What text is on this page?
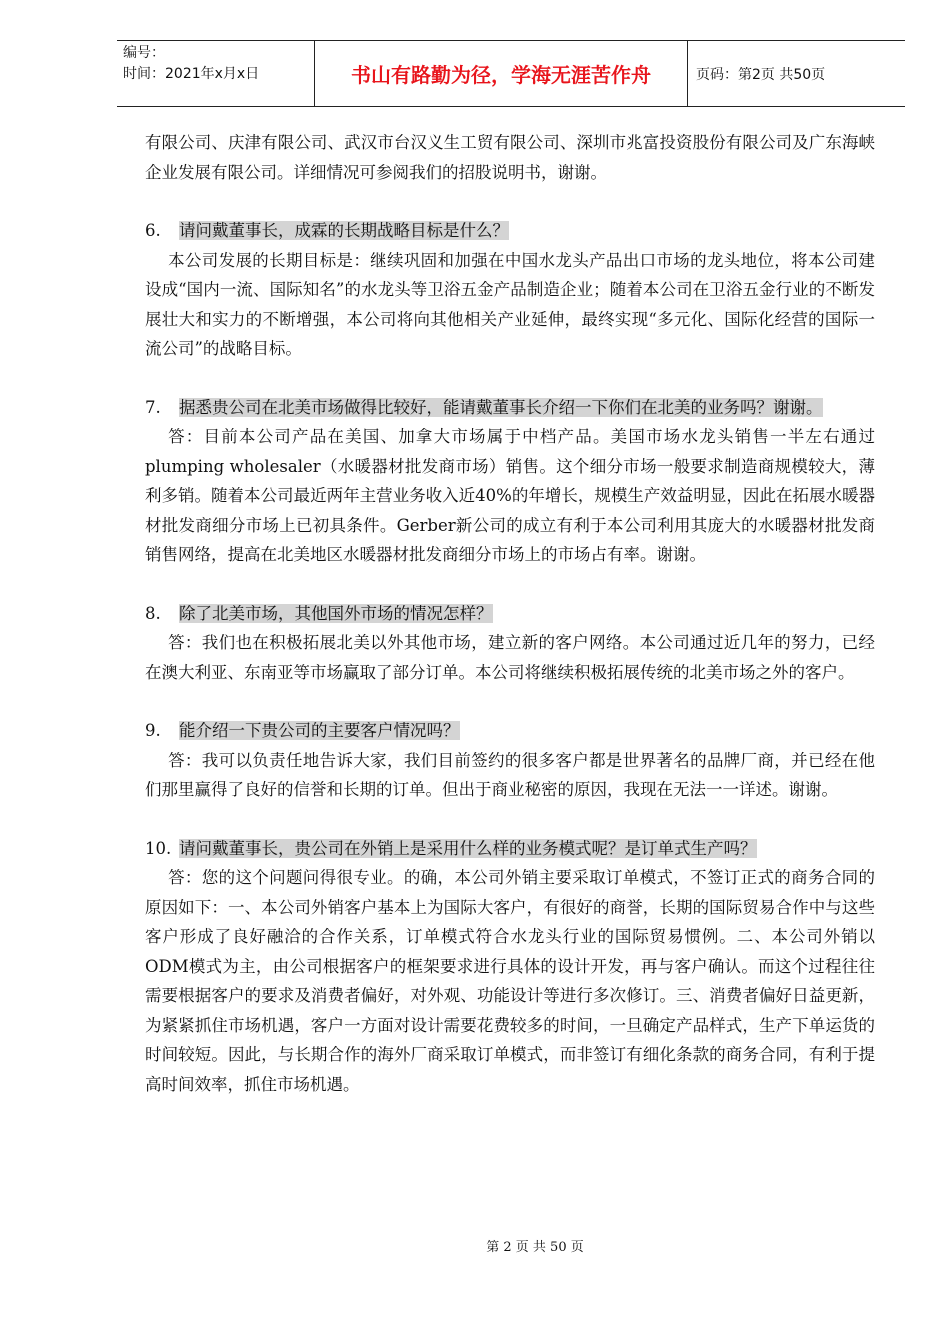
编号：
时间：2021年x月x日	书山有路勤为径，学海无涯苦作舟	页码：第2页 共50页

有限公司、庆津有限公司、武汉市台汉义生工贸有限公司、深圳市兆富投资股份有限公司及广东海峡企业发展有限公司。详细情况可参阅我们的招股说明书，谢谢。

6. 请问戴董事长，成霖的长期战略目标是什么？

本公司发展的长期目标是：继续巩固和加强在中国水龙头产品出口市场的龙头地位，将本公司建设成“国内一流、国际知名”的水龙头等卫浴五金产品制造企业；随着本公司在卫浴五金行业的不断发展壮大和实力的不断增强，本公司将向其他相关产业延伸，最终实现“多元化、国际化经营的国际一流公司”的战略目标。

7. 据悉贵公司在北美市场做得比较好，能请戴董事长介绍一下你们在北美的业务吗？谢谢。

答：目前本公司产品在美国、加拿大市场属于中档产品。美国市场水龙头销售一半左右通过plumping wholesaler（水暖器材批发商市场）销售。这个细分市场一般要求制造商规模较大，薄利多销。随着本公司最近两年主营业务收入近40%的年增长，规模生产效益明显，因此在拓展水暖器材批发商细分市场上已初具条件。Gerber新公司的成立有利于本公司利用其庞大的水暖器材批发商销售网络，提高在北美地区水暖器材批发商细分市场上的市场占有率。谢谢。

8. 除了北美市场，其他国外市场的情况怎样？

答：我们也在积极拓展北美以外其他市场，建立新的客户网络。本公司通过近几年的努力，已经在澳大利亚、东南亚等市场赢取了部分订单。本公司将继续积极拓展传统的北美市场之外的客户。

9. 能介绍一下贵公司的主要客户情况吗？

答：我可以负责任地告诉大家，我们目前签约的很多客户都是世界著名的品牌厂商，并已经在他们那里赢得了良好的信誉和长期的订单。但出于商业秘密的原因，我现在无法一一详述。谢谢。

10. 请问戴董事长，贵公司在外销上是采用什么样的业务模式呢？是订单式生产吗？

答：您的这个问题问得很专业。的确，本公司外销主要采取订单模式，不签订正式的商务合同的原因如下：一、本公司外销客户基本上为国际大客户，有很好的商誉，长期的国际贸易合作中与这些客户形成了良好融洽的合作关系，订单模式符合水龙头行业的国际贸易惯例。二、本公司外销以ODM模式为主，由公司根据客户的框架要求进行具体的设计开发，再与客户确认。而这个过程往往需要根据客户的要求及消费者偏好，对外观、功能设计等进行多次修订。三、消费者偏好日益更新，为紧紧抓住市场机遇，客户一方面对设计需要花费较多的时间，一旦确定产品样式，生产下单运货的时间较短。因此，与长期合作的海外厂商采取订单模式，而非签订有细化条款的商务合同，有利于提高时间效率，抓住市场机遇。

第 2 页 共 50 页
